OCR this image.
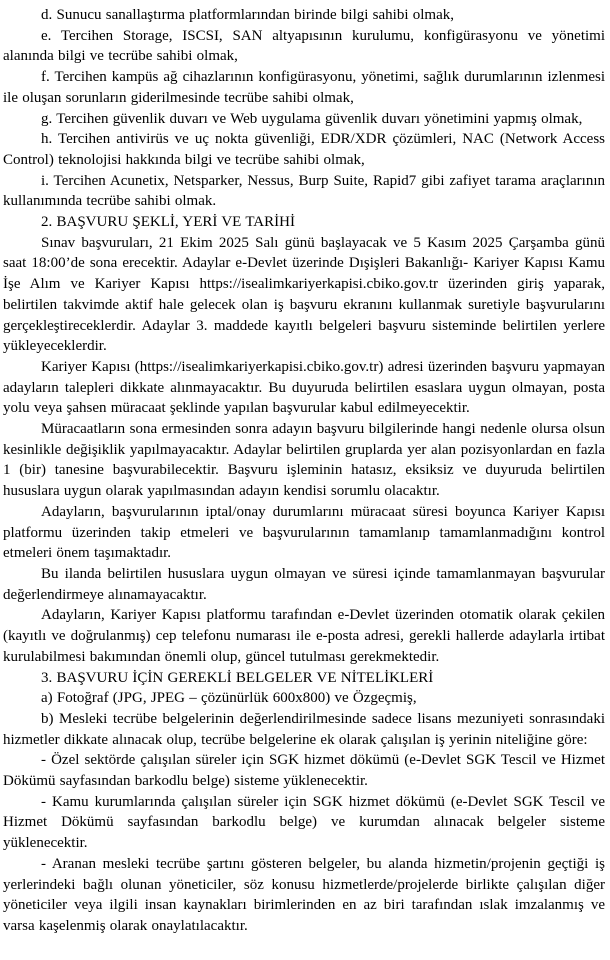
d. Sunucu sanallaştırma platformlarından birinde bilgi sahibi olmak,

e. Tercihen Storage, ISCSI, SAN altyapısının kurulumu, konfigürasyonu ve yönetimi alanında bilgi ve tecrübe sahibi olmak,

f. Tercihen kampüs ağ cihazlarının konfigürasyonu, yönetimi, sağlık durumlarının izlenmesi ile oluşan sorunların giderilmesinde tecrübe sahibi olmak,

g. Tercihen güvenlik duvarı ve Web uygulama güvenlik duvarı yönetimini yapmış olmak,

h. Tercihen antivirüs ve uç nokta güvenliği, EDR/XDR çözümleri, NAC (Network Access Control) teknolojisi hakkında bilgi ve tecrübe sahibi olmak,

i. Tercihen Acunetix, Netsparker, Nessus, Burp Suite, Rapid7 gibi zafiyet tarama araçlarının kullanımında tecrübe sahibi olmak.

2. BAŞVURU ŞEKLİ, YERİ VE TARİHİ

Sınav başvuruları, 21 Ekim 2025 Salı günü başlayacak ve 5 Kasım 2025 Çarşamba günü saat 18:00’de sona erecektir. Adaylar e-Devlet üzerinde Dışişleri Bakanlığı- Kariyer Kapısı Kamu İşe Alım ve Kariyer Kapısı https://isealimkariyerkapisi.cbiko.gov.tr üzerinden giriş yaparak, belirtilen takvimde aktif hale gelecek olan iş başvuru ekranını kullanmak suretiyle başvurularını gerçekleştireceklerdir. Adaylar 3. maddede kayıtlı belgeleri başvuru sisteminde belirtilen yerlere yükleyeceklerdir.

Kariyer Kapısı (https://isealimkariyerkapisi.cbiko.gov.tr) adresi üzerinden başvuru yapmayan adayların talepleri dikkate alınmayacaktır. Bu duyuruda belirtilen esaslara uygun olmayan, posta yolu veya şahsen müracaat şeklinde yapılan başvurular kabul edilmeyecektir.

Müracaatların sona ermesinden sonra adayın başvuru bilgilerinde hangi nedenle olursa olsun kesinlikle değişiklik yapılmayacaktır. Adaylar belirtilen gruplarda yer alan pozisyonlardan en fazla 1 (bir) tanesine başvurabilecektir. Başvuru işleminin hatasız, eksiksiz ve duyuruda belirtilen hususlara uygun olarak yapılmasından adayın kendisi sorumlu olacaktır.

Adayların, başvurularının iptal/onay durumlarını müracaat süresi boyunca Kariyer Kapısı platformu üzerinden takip etmeleri ve başvurularının tamamlanıp tamamlanmadığını kontrol etmeleri önem taşımaktadır.

Bu ilanda belirtilen hususlara uygun olmayan ve süresi içinde tamamlanmayan başvurular değerlendirmeye alınamayacaktır.

Adayların, Kariyer Kapısı platformu tarafından e-Devlet üzerinden otomatik olarak çekilen (kayıtlı ve doğrulanmış) cep telefonu numarası ile e-posta adresi, gerekli hallerde adaylarla irtibat kurulabilmesi bakımından önemli olup, güncel tutulması gerekmektedir.

3. BAŞVURU İÇİN GEREKLİ BELGELER VE NİTELİKLERİ

a) Fotoğraf (JPG, JPEG – çözünürlük 600x800) ve Özgeçmiş,

b) Mesleki tecrübe belgelerinin değerlendirilmesinde sadece lisans mezuniyeti sonrasındaki hizmetler dikkate alınacak olup, tecrübe belgelerine ek olarak çalışılan iş yerinin niteliğine göre:

- Özel sektörde çalışılan süreler için SGK hizmet dökümü (e-Devlet SGK Tescil ve Hizmet Dökümü sayfasından barkodlu belge) sisteme yüklenecektir.

- Kamu kurumlarında çalışılan süreler için SGK hizmet dökümü (e-Devlet SGK Tescil ve Hizmet Dökümü sayfasından barkodlu belge) ve kurumdan alınacak belgeler sisteme yüklenecektir.

- Aranan mesleki tecrübe şartını gösteren belgeler, bu alanda hizmetin/projenin geçtiği iş yerlerindeki bağlı olunan yöneticiler, söz konusu hizmetlerde/projelerde birlikte çalışılan diğer yöneticiler veya ilgili insan kaynakları birimlerinden en az biri tarafından ıslak imzalanmış ve varsa kaşelenmiş olarak onaylatılacaktır.
